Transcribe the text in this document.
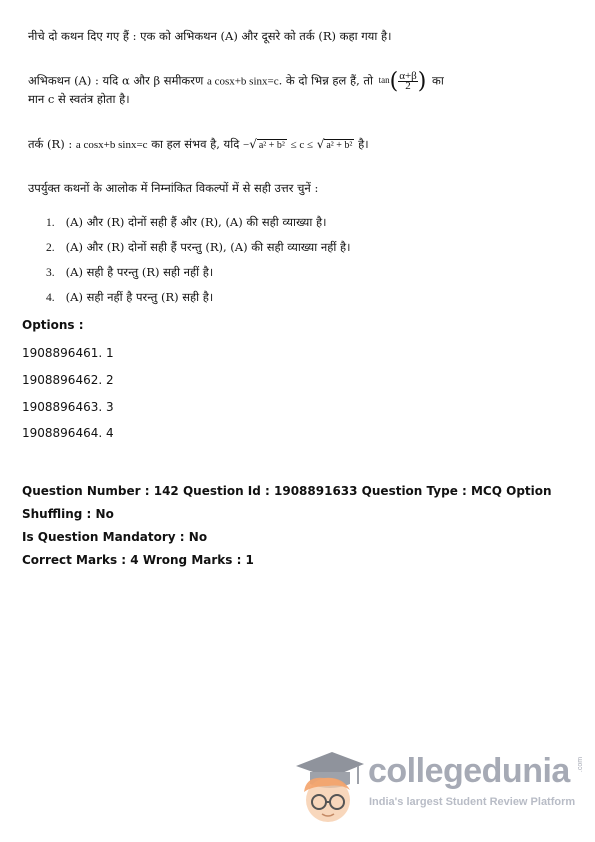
नीचे दो कथन दिए गए हैं : एक को अभिकथन (A) और दूसरे को तर्क (R) कहा गया है।
अभिकथन (A) : यदि α और β समीकरण a cosx+b sinx=c. के दो भिन्न हल हैं, तो $^{tan}( \frac{\alpha+\beta}{2}$ ) का मान c से स्वतंत्र होता है।
तर्क (R) : a cosx+b sinx=c का हल संभव है, यदि −√ a² + b² ≤ c ≤ √ a² + b² है।
उपर्युक्त कथनों के आलोक में निम्नांकित विकल्पों में से सही उत्तर चुनें :
1. (A) और (R) दोनों सही हैं और (R), (A) की सही व्याख्या है।
2. (A) और (R) दोनों सही हैं परन्तु (R), (A) की सही व्याख्या नहीं है।
3. (A) सही है परन्तु (R) सही नहीं है।
4. (A) सही नहीं है परन्तु (R) सही है।
Options :
1908896461. 1
1908896462. 2
1908896463. 3
1908896464. 4
Question Number : 142 Question Id : 1908891633 Question Type : MCQ Option Shuffling : No
Is Question Mandatory : No
Correct Marks : 4 Wrong Marks : 1
collegedunia .com
India's largest Student Review Platform
